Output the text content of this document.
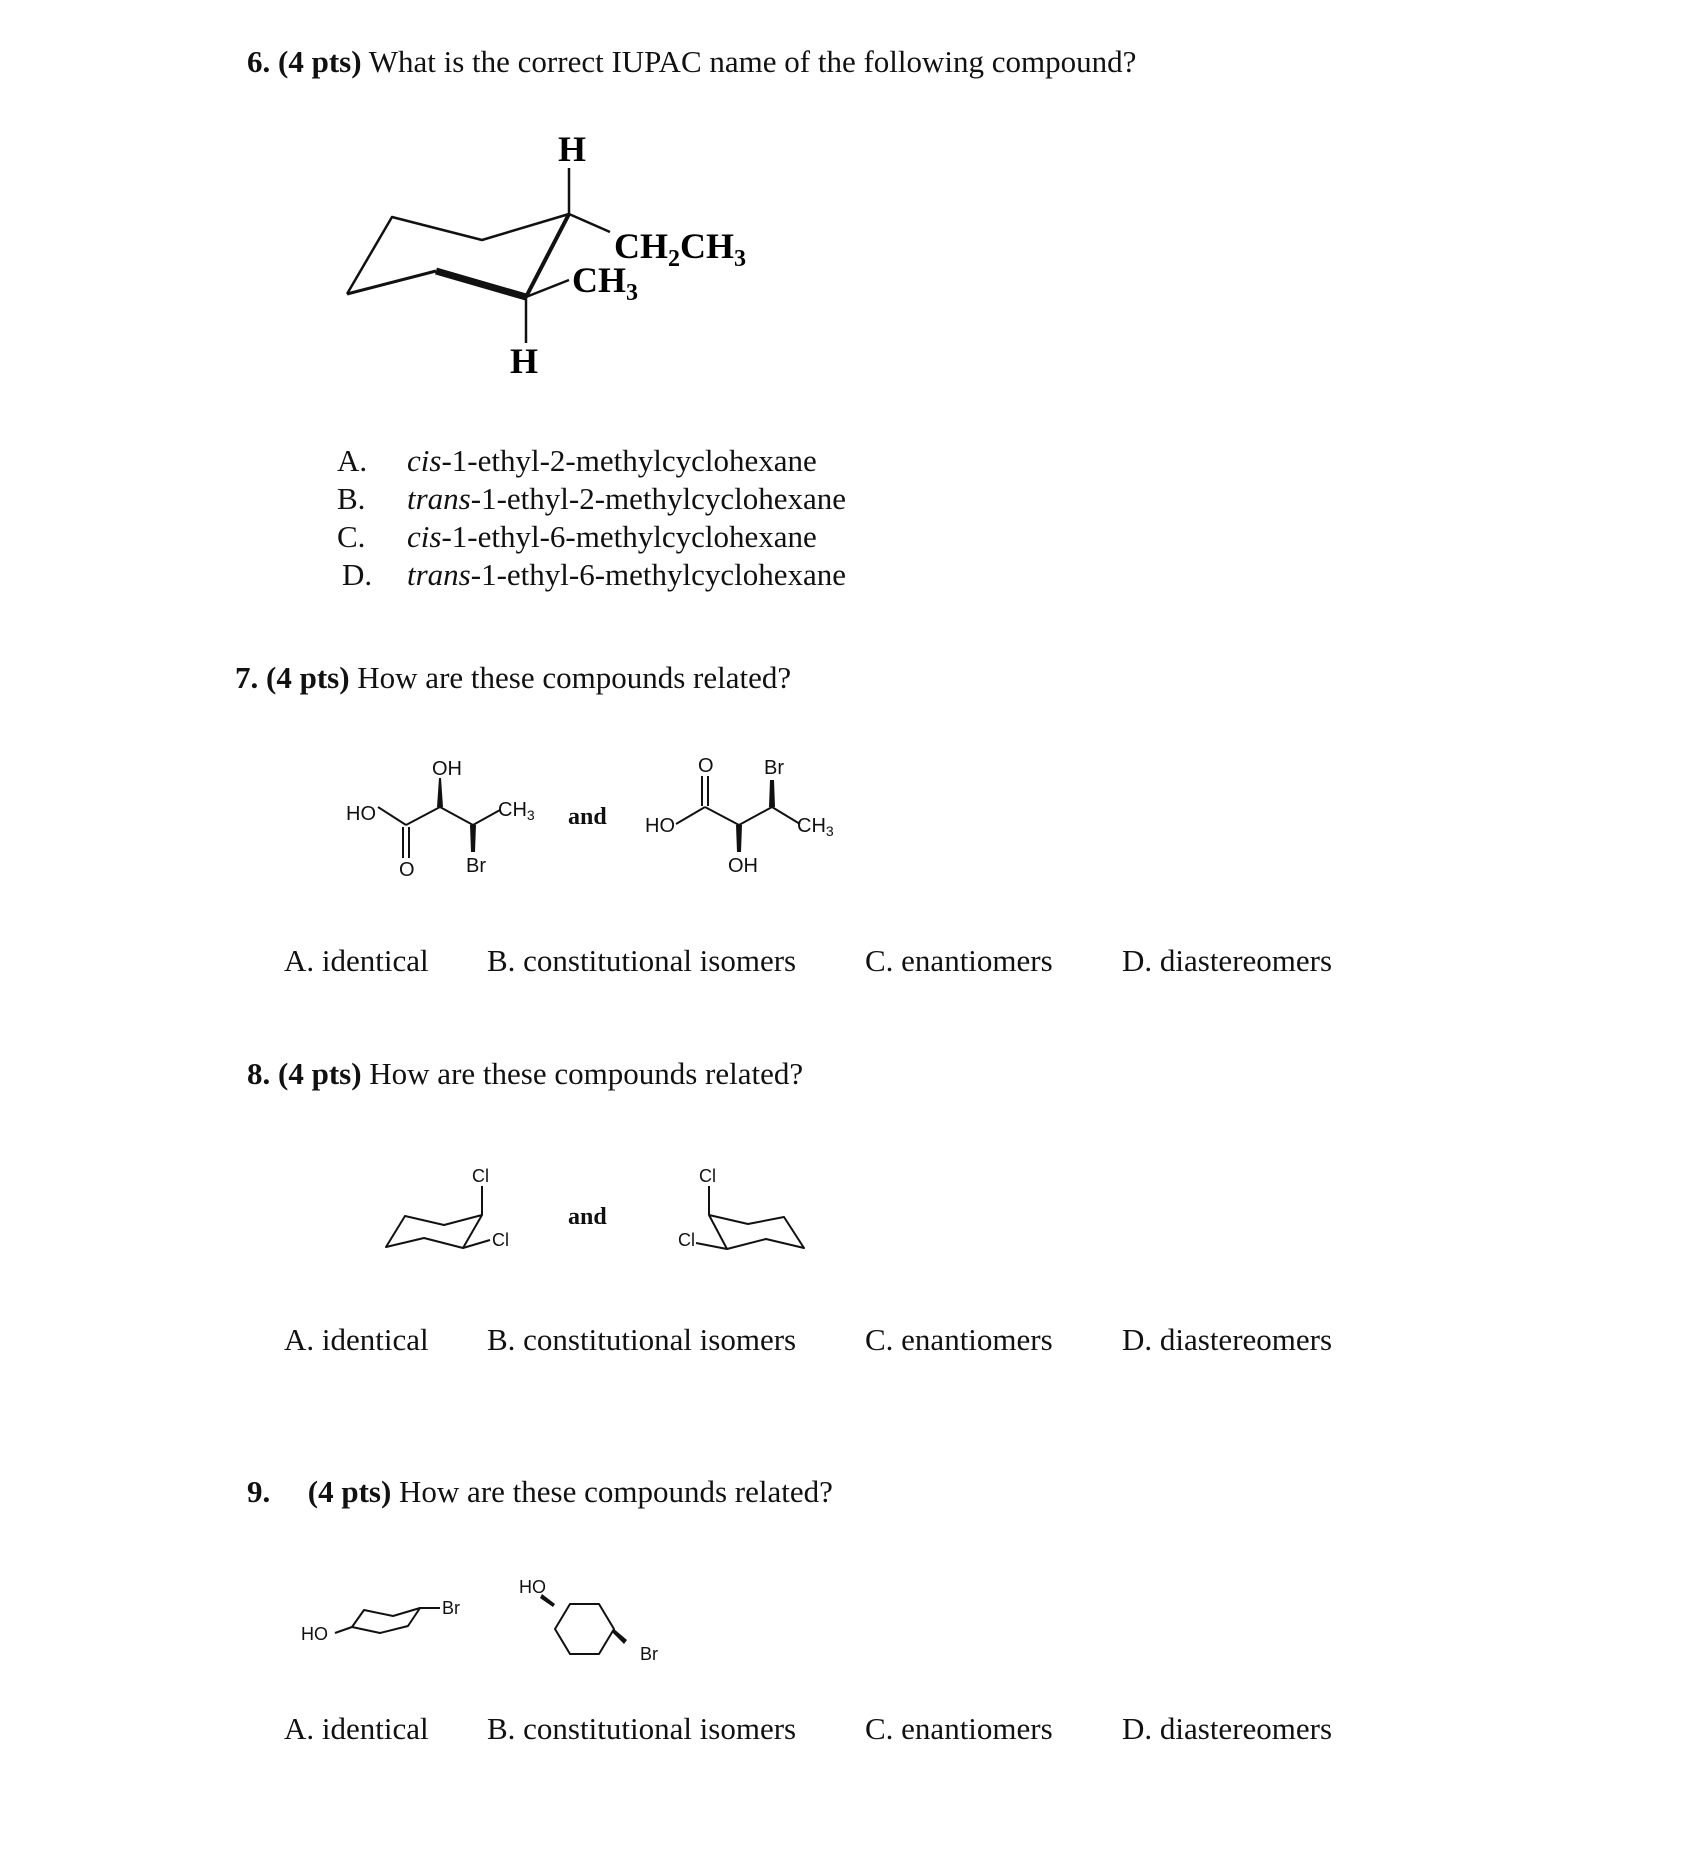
6. (4 pts) What is the correct IUPAC name of the following compound?
H
$CH_2CH_3$
$CH_3$
H
A. cis-1-ethyl-2-methylcyclohexane
B. trans-1-ethyl-2-methylcyclohexane
C. cis-1-ethyl-6-methylcyclohexane
D. trans-1-ethyl-6-methylcyclohexane
7. (4 pts) How are these compounds related?
OH
HO	$CH_3$
O	Br
and
O	Br
HO	$CH_3$
OH
A. identical B. constitutional isomers C. enantiomers D. diastereomers
8. (4 pts) How are these compounds related?
Cl
Cl
and
Cl
Cl
A. identical B. constitutional isomers C. enantiomers D. diastereomers
9. (4 pts) How are these compounds related?
Br
HO
HO
Br
A. identical B. constitutional isomers C. enantiomers D. diastereomers
